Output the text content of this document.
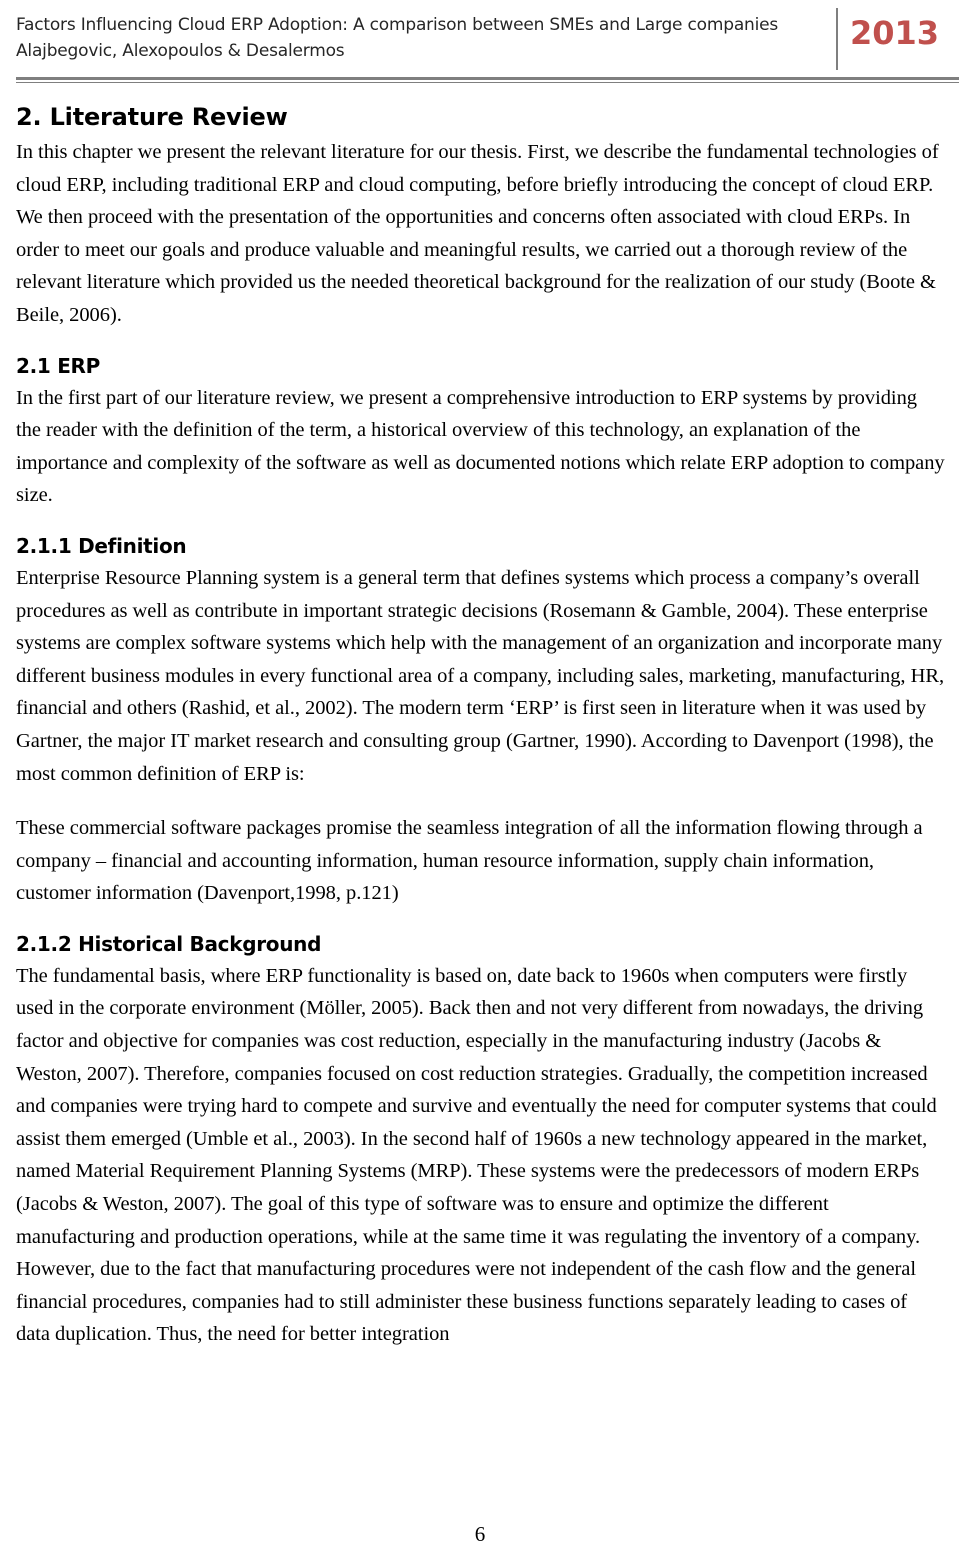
Factors Influencing Cloud ERP Adoption: A comparison between SMEs and Large companies
Alajbegovic, Alexopoulos & Desalermos	2013
2. Literature Review

In this chapter we present the relevant literature for our thesis. First, we describe the fundamental technologies of cloud ERP, including traditional ERP and cloud computing, before briefly introducing the concept of cloud ERP. We then proceed with the presentation of the opportunities and concerns often associated with cloud ERPs. In order to meet our goals and produce valuable and meaningful results, we carried out a thorough review of the relevant literature which provided us the needed theoretical background for the realization of our study (Boote & Beile, 2006).

2.1 ERP

In the first part of our literature review, we present a comprehensive introduction to ERP systems by providing the reader with the definition of the term, a historical overview of this technology, an explanation of the importance and complexity of the software as well as documented notions which relate ERP adoption to company size.

2.1.1 Definition

Enterprise Resource Planning system is a general term that defines systems which process a company’s overall procedures as well as contribute in important strategic decisions (Rosemann & Gamble, 2004). These enterprise systems are complex software systems which help with the management of an organization and incorporate many different business modules in every functional area of a company, including sales, marketing, manufacturing, HR, financial and others (Rashid, et al., 2002). The modern term ‘ERP’ is first seen in literature when it was used by Gartner, the major IT market research and consulting group (Gartner, 1990). According to Davenport (1998), the most common definition of ERP is:

These commercial software packages promise the seamless integration of all the information flowing through a company – financial and accounting information, human resource information, supply chain information, customer information (Davenport,1998, p.121)

2.1.2 Historical Background

The fundamental basis, where ERP functionality is based on, date back to 1960s when computers were firstly used in the corporate environment (Möller, 2005). Back then and not very different from nowadays, the driving factor and objective for companies was cost reduction, especially in the manufacturing industry (Jacobs & Weston, 2007). Therefore, companies focused on cost reduction strategies. Gradually, the competition increased and companies were trying hard to compete and survive and eventually the need for computer systems that could assist them emerged (Umble et al., 2003). In the second half of 1960s a new technology appeared in the market, named Material Requirement Planning Systems (MRP). These systems were the predecessors of modern ERPs (Jacobs & Weston, 2007). The goal of this type of software was to ensure and optimize the different manufacturing and production operations, while at the same time it was regulating the inventory of a company. However, due to the fact that manufacturing procedures were not independent of the cash flow and the general financial procedures, companies had to still administer these business functions separately leading to cases of data duplication. Thus, the need for better integration

6
